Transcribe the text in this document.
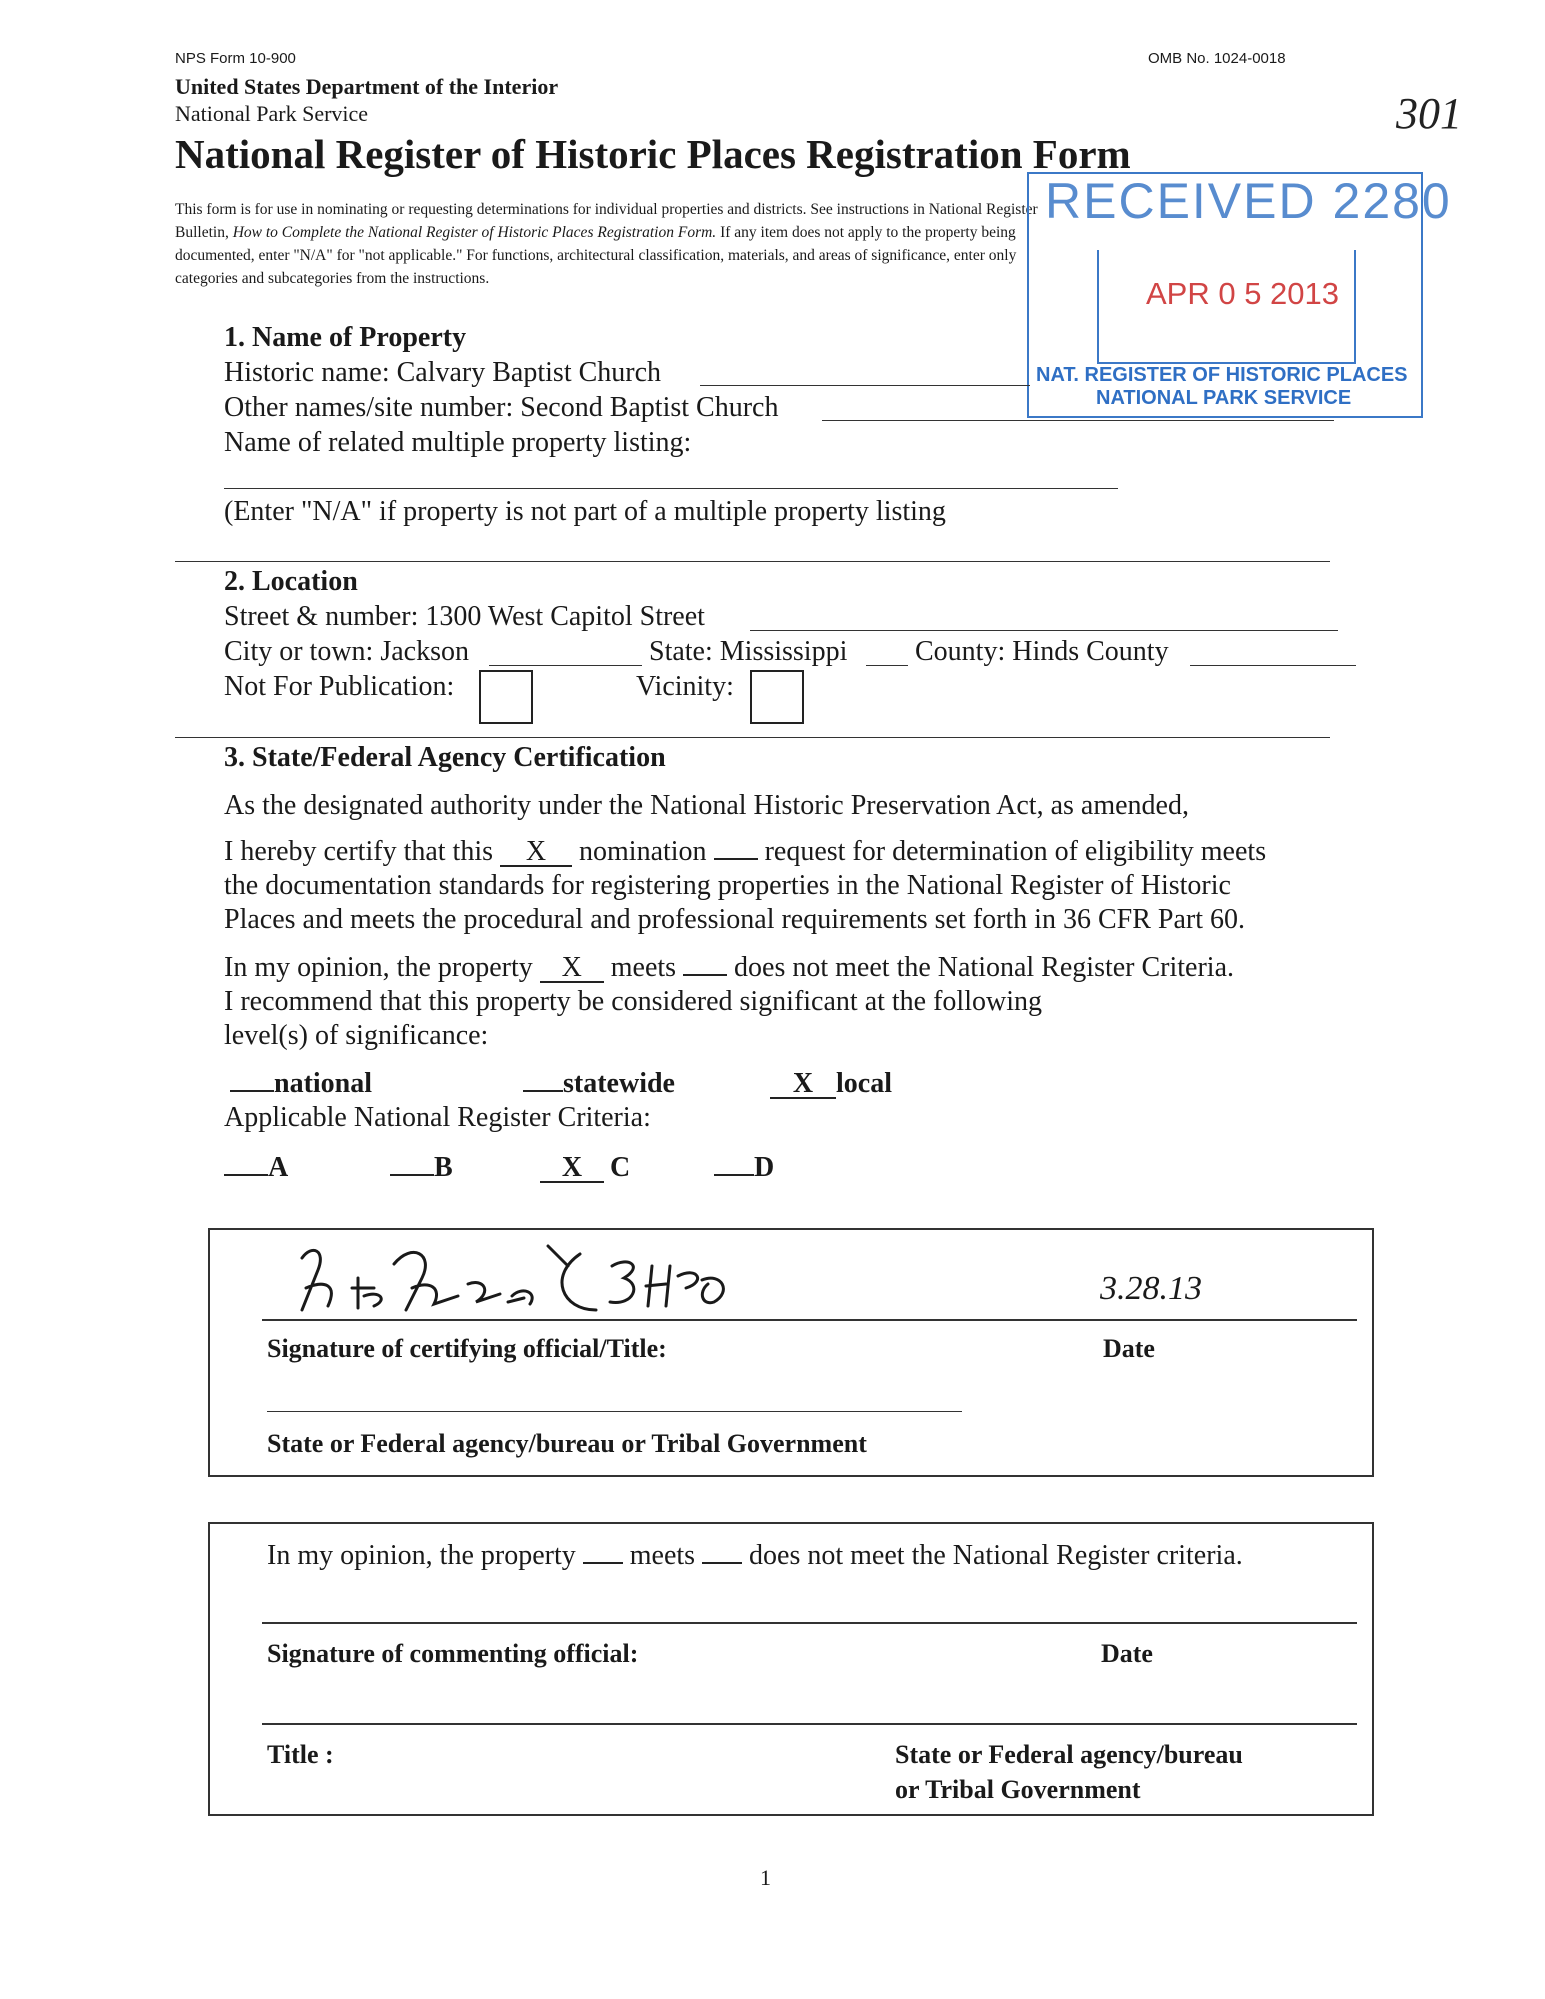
NPS Form 10-900	OMB No. 1024-0018
United States Department of the Interior
National Park Service	301
National Register of Historic Places Registration Form
This form is for use in nominating or requesting determinations for individual properties and districts. See instructions in National Register
Bulletin, How to Complete the National Register of Historic Places Registration Form. If any item does not apply to the property being
documented, enter "N/A" for "not applicable." For functions, architectural classification, materials, and areas of significance, enter only
categories and subcategories from the instructions.
RECEIVED 2280
APR 0 5 2013
NAT. REGISTER OF HISTORIC PLACES
NATIONAL PARK SERVICE
1. Name of Property
Historic name: Calvary Baptist Church
Other names/site number: Second Baptist Church
Name of related multiple property listing:
(Enter "N/A" if property is not part of a multiple property listing
2. Location
Street & number: 1300 West Capitol Street
City or town: Jackson	State: Mississippi County: Hinds County
Not For Publication:	Vicinity:
3. State/Federal Agency Certification
As the designated authority under the National Historic Preservation Act, as amended,
I hereby certify that this X nomination request for determination of eligibility meets
the documentation standards for registering properties in the National Register of Historic
Places and meets the procedural and professional requirements set forth in 36 CFR Part 60.
In my opinion, the property X meets does not meet the National Register Criteria.
I recommend that this property be considered significant at the following
level(s) of significance:
national	statewide	X local
Applicable National Register Criteria:
A	B	X C	D
3.28.13
Signature of certifying official/Title:	Date
State or Federal agency/bureau or Tribal Government
In my opinion, the property meets does not meet the National Register criteria.
Signature of commenting official:	Date
Title :	State or Federal agency/bureau
or Tribal Government
1
